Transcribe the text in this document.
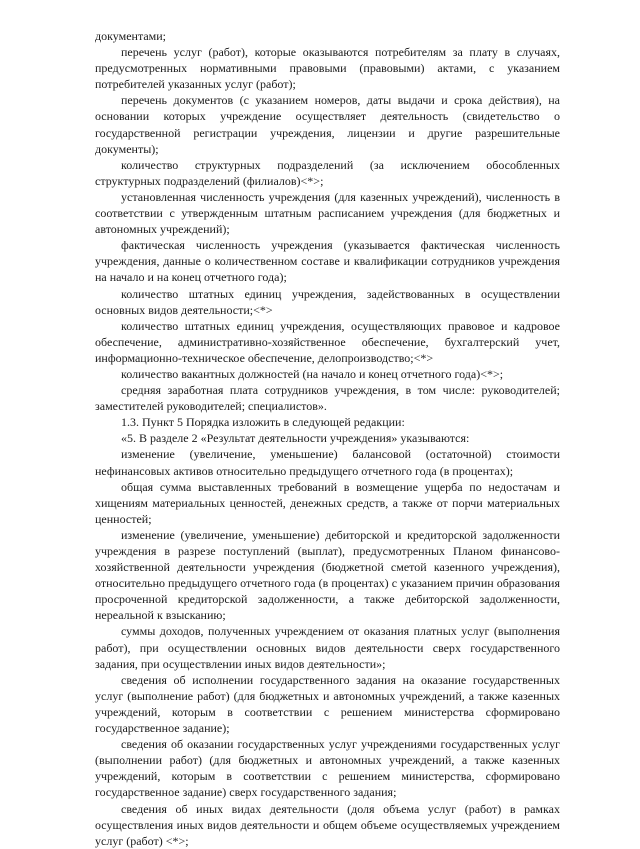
документами;

перечень услуг (работ), которые оказываются потребителям за плату в случаях, предусмотренных нормативными правовыми (правовыми) актами, с указанием потребителей указанных услуг (работ);

перечень документов (с указанием номеров, даты выдачи и срока действия), на основании которых учреждение осуществляет деятельность (свидетельство о государственной регистрации учреждения, лицензии и другие разрешительные документы);

количество структурных подразделений (за исключением обособленных структурных подразделений (филиалов)<*>;

установленная численность учреждения (для казенных учреждений), численность в соответствии с утвержденным штатным расписанием учреждения (для бюджетных и автономных учреждений);

фактическая численность учреждения (указывается фактическая численность учреждения, данные о количественном составе и квалификации сотрудников учреждения на начало и на конец отчетного года);

количество штатных единиц учреждения, задействованных в осуществлении основных видов деятельности;<*>

количество штатных единиц учреждения, осуществляющих правовое и кадровое обеспечение, административно-хозяйственное обеспечение, бухгалтерский учет, информационно-техническое обеспечение, делопроизводство;<*>

количество вакантных должностей (на начало и конец отчетного года)<*>;

средняя заработная плата сотрудников учреждения, в том числе: руководителей; заместителей руководителей; специалистов».

1.3. Пункт 5 Порядка изложить в следующей редакции:

«5. В разделе 2 «Результат деятельности учреждения» указываются:

изменение (увеличение, уменьшение) балансовой (остаточной) стоимости нефинансовых активов относительно предыдущего отчетного года (в процентах);

общая сумма выставленных требований в возмещение ущерба по недостачам и хищениям материальных ценностей, денежных средств, а также от порчи материальных ценностей;

изменение (увеличение, уменьшение) дебиторской и кредиторской задолженности учреждения в разрезе поступлений (выплат), предусмотренных Планом финансово-хозяйственной деятельности учреждения (бюджетной сметой казенного учреждения), относительно предыдущего отчетного года (в процентах) с указанием причин образования просроченной кредиторской задолженности, а также дебиторской задолженности, нереальной к взысканию;

суммы доходов, полученных учреждением от оказания платных услуг (выполнения работ), при осуществлении основных видов деятельности сверх государственного задания, при осуществлении иных видов деятельности»;

сведения об исполнении государственного задания на оказание государственных услуг (выполнение работ) (для бюджетных и автономных учреждений, а также казенных учреждений, которым в соответствии с решением министерства сформировано государственное задание);

сведения об оказании государственных услуг учреждениями государственных услуг (выполнении работ) (для бюджетных и автономных учреждений, а также казенных учреждений, которым в соответствии с решением министерства, сформировано государственное задание) сверх государственного задания;

сведения об иных видах деятельности (доля объема услуг (работ) в рамках осуществления иных видов деятельности и общем объеме осуществляемых учреждением услуг (работ) <*>;
